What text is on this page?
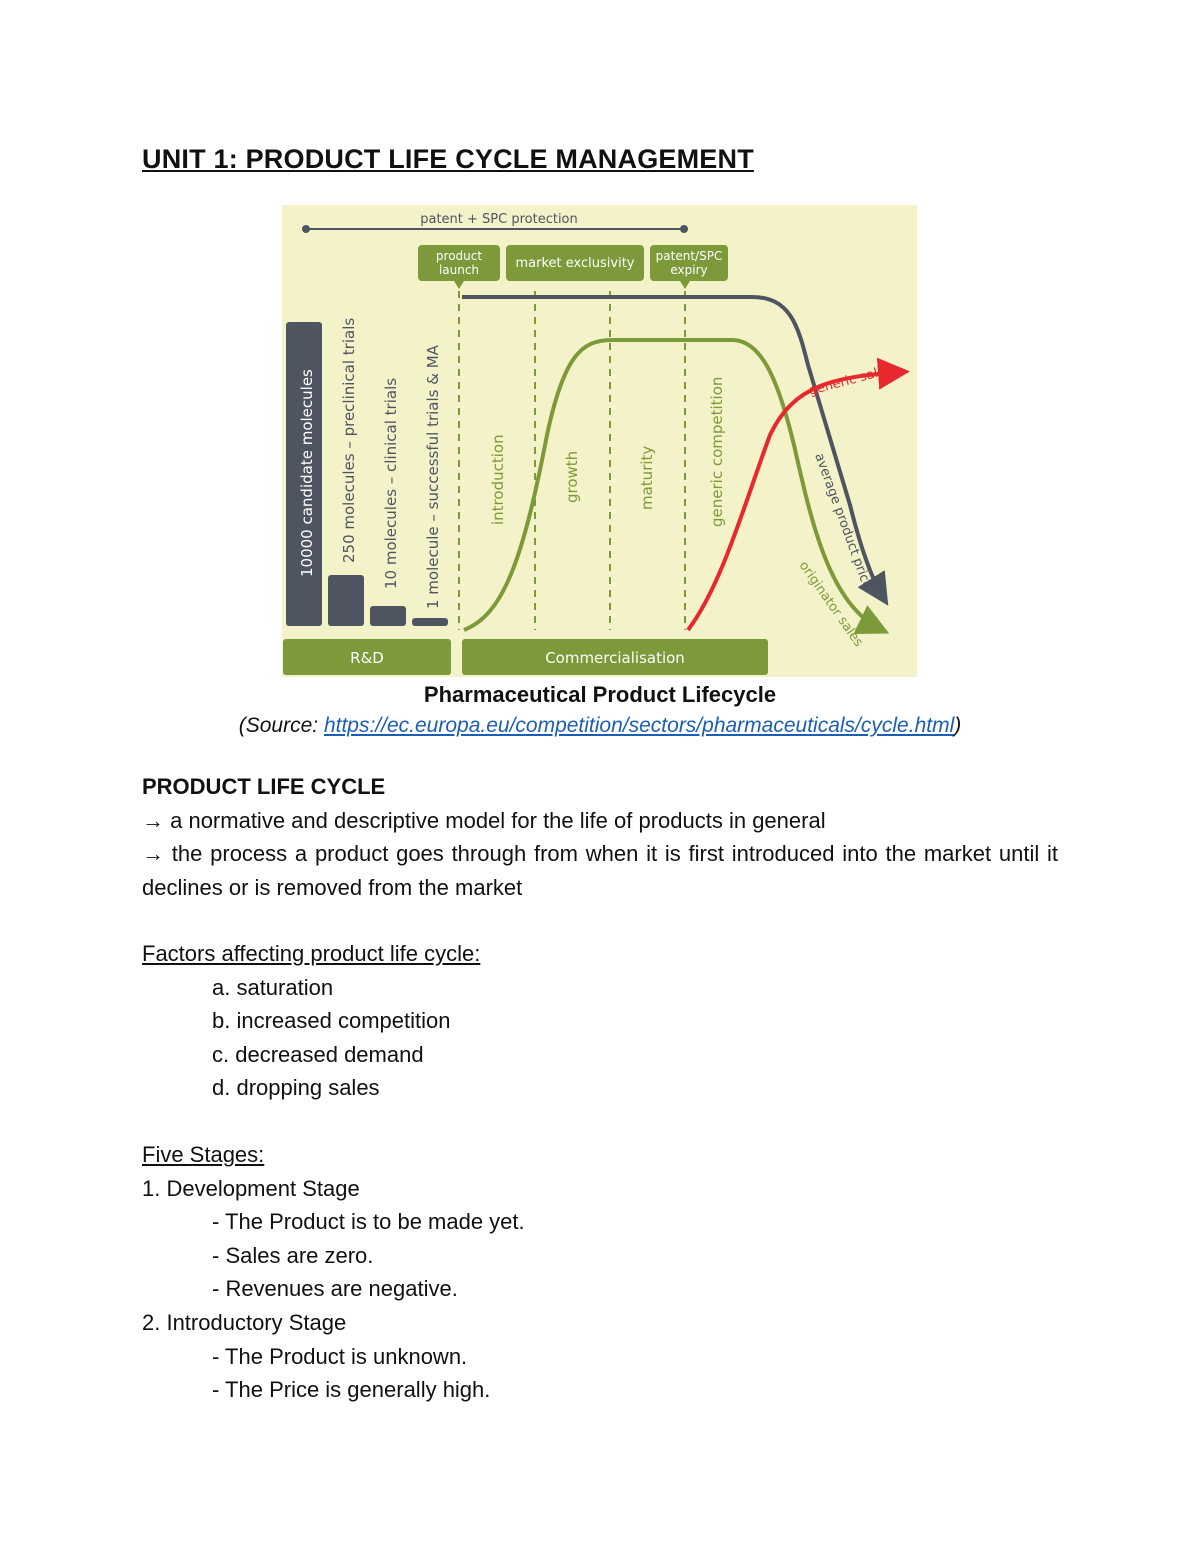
UNIT 1: PRODUCT LIFE CYCLE MANAGEMENT
patent + SPC protection
product
launch	market exclusivity patent/SPC
expiry
10000 candidate molecules 250 molecules – preclinical trials 10 molecules – clinical trials 1 molecule – successful trials & MA	introduction	growth	maturity	generic competition	generic sales
average product price
originator sales
R&D	Commercialisation
Pharmaceutical Product Lifecycle
(Source: https://ec.europa.eu/competition/sectors/pharmaceuticals/cycle.html)
PRODUCT LIFE CYCLE
→ a normative and descriptive model for the life of products in general
→ the process a product goes through from when it is first introduced into the market until it declines or is removed from the market
Factors affecting product life cycle:
a. saturation
b. increased competition
c. decreased demand
d. dropping sales
Five Stages:
1. Development Stage
- The Product is to be made yet.
- Sales are zero.
- Revenues are negative.
2. Introductory Stage
- The Product is unknown.
- The Price is generally high.
